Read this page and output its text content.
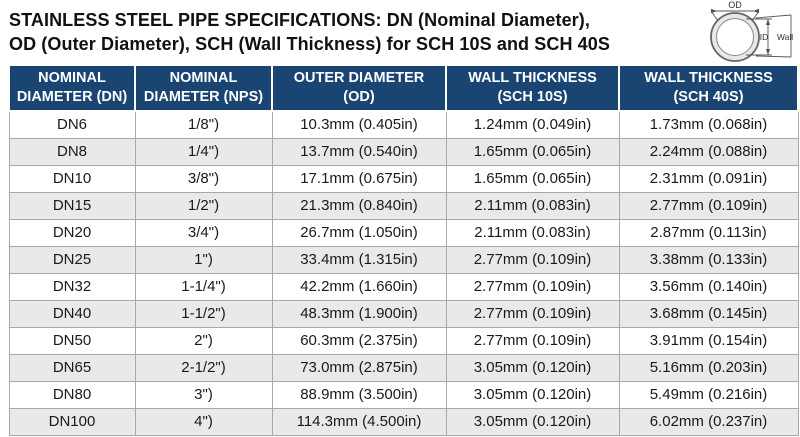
STAINLESS STEEL PIPE SPECIFICATIONS: DN (Nominal Diameter),
OD (Outer Diameter), SCH (Wall Thickness) for SCH 10S and SCH 40S
OD
ID Wall
NOMINAL
DIAMETER (DN)

NOMINAL
DIAMETER (NPS)

OUTER DIAMETER
(OD)

WALL THICKNESS
(SCH 10S)

WALL THICKNESS
(SCH 40S)

DN6	1/8")	10.3mm (0.405in)	1.24mm (0.049in)	1.73mm (0.068in)
DN8	1/4")	13.7mm (0.540in)	1.65mm (0.065in)	2.24mm (0.088in)
DN10	3/8")	17.1mm (0.675in)	1.65mm (0.065in)	2.31mm (0.091in)
DN15	1/2")	21.3mm (0.840in)	2.11mm (0.083in)	2.77mm (0.109in)
DN20	3/4")	26.7mm (1.050in)	2.11mm (0.083in)	2.87mm (0.113in)
DN25	1")	33.4mm (1.315in)	2.77mm (0.109in)	3.38mm (0.133in)
DN32	1-1/4")	42.2mm (1.660in)	2.77mm (0.109in)	3.56mm (0.140in)
DN40	1-1/2")	48.3mm (1.900in)	2.77mm (0.109in)	3.68mm (0.145in)
DN50	2")	60.3mm (2.375in)	2.77mm (0.109in)	3.91mm (0.154in)
DN65	2-1/2")	73.0mm (2.875in)	3.05mm (0.120in)	5.16mm (0.203in)
DN80	3")	88.9mm (3.500in)	3.05mm (0.120in)	5.49mm (0.216in)
DN100	4")	114.3mm (4.500in)	3.05mm (0.120in)	6.02mm (0.237in)
